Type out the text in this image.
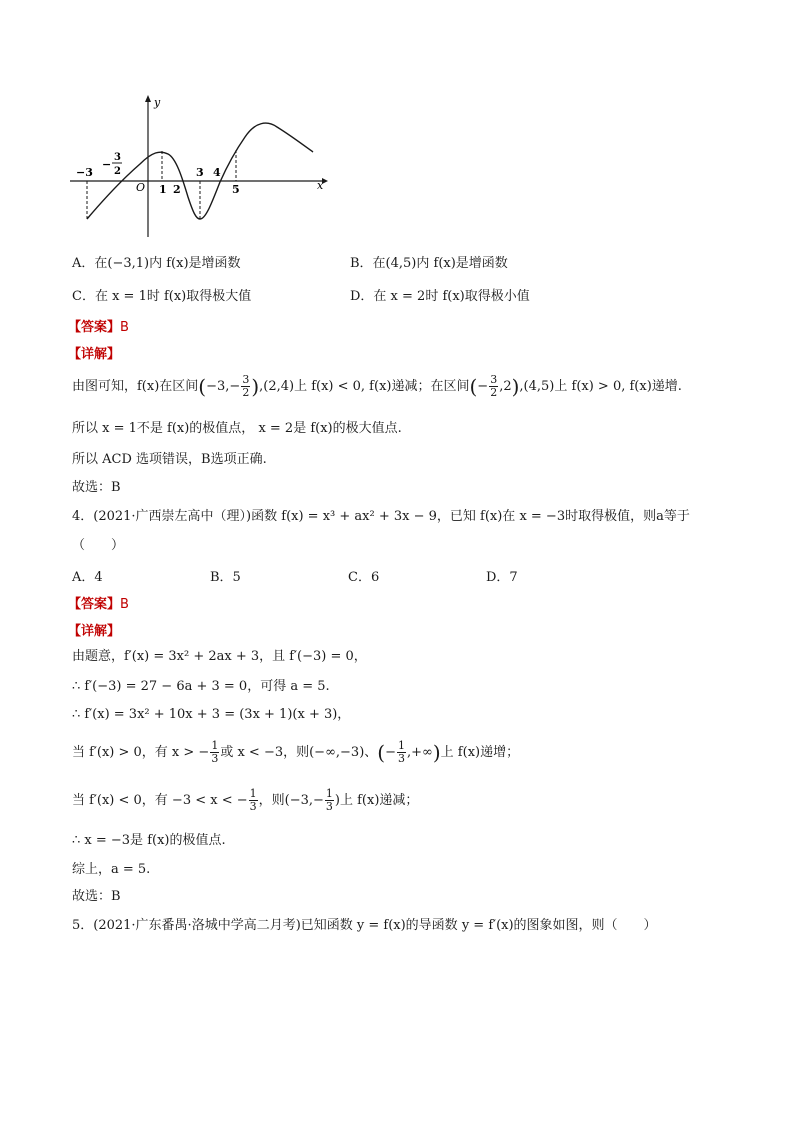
y
x
O
−3
−
3
2
1 2
3 4
5
A．在(−3,1)内 f(x)是增函数	B．在(4,5)内 f(x)是增函数
C．在 x = 1时 f(x)取得极大值	D．在 x = 2时 f(x)取得极小值
【答案】B
【详解】
由图可知，f(x)在区间$(-3,- \frac{3}{2} ),(2,4)$上 f(x) < 0, f(x)递减；在区间(− $\frac{3}{2} ,2),(4,5)$上 f(x) > 0, f(x)递增.
所以 x = 1不是 f(x)的极值点， x = 2是 f(x)的极大值点.
所以 ACD 选项错误，B选项正确.
故选：B
4．(2021·广西崇左高中（理）)函数 f(x) = x³ + ax² + 3x − 9，已知 f(x)在 x = −3时取得极值，则a等于
（　　）
A．4	B．5	C．6	D．7
【答案】B
【详解】
由题意，f′(x) = 3x² + 2ax + 3，且 f′(−3) = 0，
∴ f′(−3) = 27 − 6a + 3 = 0，可得 a = 5.
∴ f′(x) = 3x² + 10x + 3 = (3x + 1)(x + 3)，
当 f′(x) > 0，有 x > − $\frac{1}{3}$ 或 x < −3，则(−∞,−3)、(− $\frac{1}{3}$ ,+∞)上 f(x)递增；
当 f′(x) < 0，有 −3 < x < − $\frac{1}{3}$ ，则($-3,- \frac{1}{3}$ )上 f(x)递减；
∴ x = −3是 f(x)的极值点.
综上，a = 5.
故选：B
5．(2021·广东番禺·洛城中学高二月考)已知函数 y = f(x)的导函数 y = f′(x)的图象如图，则（　　）
